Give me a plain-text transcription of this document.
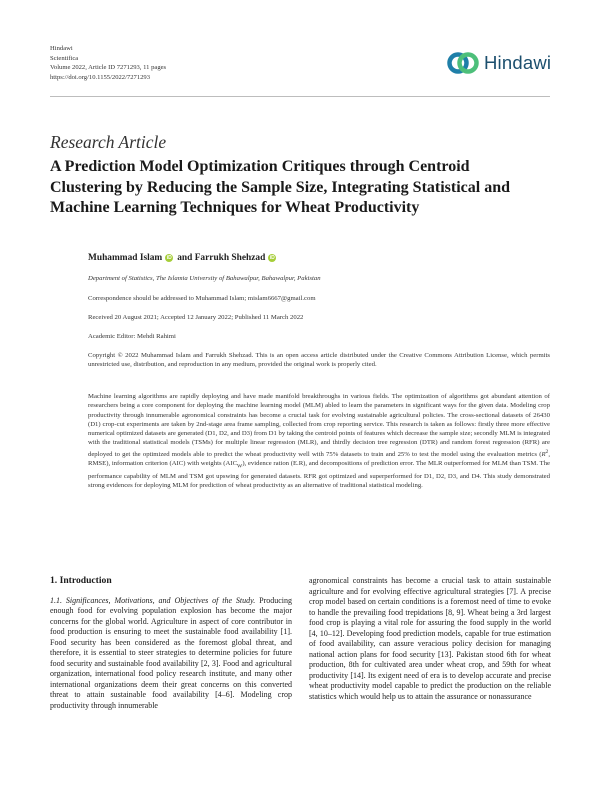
Hindawi
Scientifica
Volume 2022, Article ID 7271293, 11 pages
https://doi.org/10.1155/2022/7271293
Hindawi
Research Article
A Prediction Model Optimization Critiques through Centroid
Clustering by Reducing the Sample Size, Integrating Statistical and
Machine Learning Techniques for Wheat Productivity
Muhammad Islam iD and
Farrukh Shehzad iD
Department of Statistics, The Islamia University of Bahawalpur, Bahawalpur, Pakistan
Correspondence should be addressed to Muhammad Islam; mislam6667@gmail.com
Received 20 August 2021; Accepted 12 January 2022; Published 11 March 2022
Academic Editor: Mehdi Rahimi
Copyright © 2022 Muhammad Islam and Farrukh Shehzad. This is an open access article distributed under the Creative Commons Attribution License, which permits unrestricted use, distribution, and reproduction in any medium, provided the original work is properly cited.
Machine learning algorithms are rapidly deploying and have made manifold breakthroughs in various fields. The optimization of algorithms got abundant attention of researchers being a core component for deploying the machine learning model (MLM) abled to learn the parameters in significant ways for the given data. Modeling crop productivity through innumerable agronomical constraints has become a crucial task for evolving sustainable agricultural policies. The cross-sectional datasets of 26430 (D1) crop-cut experiments are taken by 2nd-stage area frame sampling, collected from crop reporting service. This research is taken as follows: firstly three more effective numerical optimized datasets are generated (D1, D2, and D3) from D1 by taking the centroid points of features which decrease the sample size; secondly MLM is integrated with the traditional statistical models (TSMs) for multiple linear regression (MLR), and thirdly decision tree regression (DTR) and random forest regression (RFR) are deployed to get the optimized models able to predict the wheat productivity well with 75% datasets to train and 25% to test the model using the evaluation metrics ($R^2$, RMSE), information criterion (AIC) with weights $(AIC_W)$, evidence ration (E.R), and decompositions of prediction error. The MLR outperformed for MLM than TSM. The performance capability of MLM and TSM got upswing for generated datasets. RFR got optimized and superperformed for D1, D2, D3, and D4. This study demonstrated strong evidences for deploying MLM for prediction of wheat productivity as an alternative of traditional statistical modeling.
1. Introduction

1.1. Significances, Motivations, and Objectives of the Study. Producing enough food for evolving population explosion has become the major concerns for the global world. Agriculture in aspect of core contributor in food production is ensuring to meet the sustainable food availability [1]. Food security has been considered as the foremost global threat, and therefore, it is essential to steer strategies to determine policies for future food security and sustainable food availability [2, 3]. Food and agricultural organization, international food policy research institute, and many other international organizations deem their great concerns on this converted threat to attain sustainable food availability [4–6]. Modeling crop productivity through innumerable

agronomical constraints has become a crucial task to attain sustainable agriculture and for evolving effective agricultural strategies [7]. A precise crop model based on certain conditions is a foremost need of time to evoke to handle the prevailing food trepidations [8, 9]. Wheat being a 3rd largest food crop is playing a vital role for assuring the food supply in the world [4, 10–12]. Developing food prediction models, capable for true estimation of food availability, can assure veracious policy decision for managing national action plans for food security [13]. Pakistan stood 6th for wheat production, 8th for cultivated area under wheat crop, and 59th for wheat productivity [14]. Its exigent need of era is to develop accurate and precise wheat productivity model capable to predict the production on the reliable statistics which would help us to attain the assurance or nonassurance
